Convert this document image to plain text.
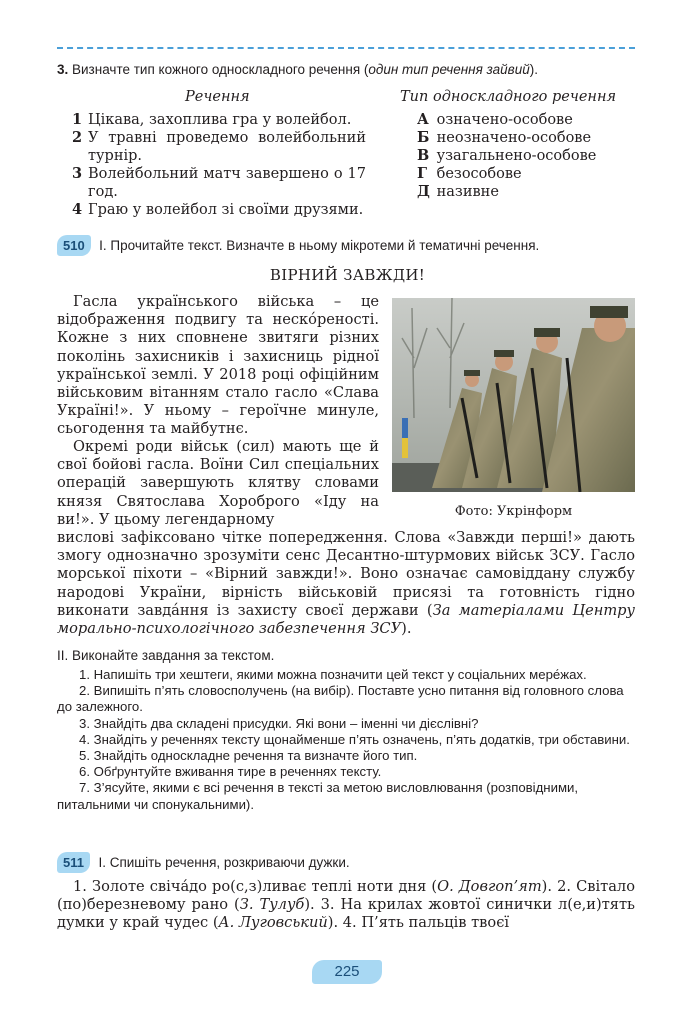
3. Визначте тип кожного односкладного речення (один тип речення зайвий).
Речення	Тип односкладного речення
1 Цікава, захоплива гра у волейбол.
2 У травні проведемо волейбольний турнір.
3 Волейбольний матч завершено о 17 год.
4 Граю у волейбол зі своїми друзями.
А означено-особове
Б неозначено-особове
В узагальнено-особове
Г безособове
Д називне
510 І. Прочитайте текст. Визначте в ньому мікротеми й тематичні речення.
ВІРНИЙ ЗАВЖДИ!
Гасла українського війська – це відображення подвигу та нескóреності. Кожне з них сповнене звитяги різних поколінь захисників і захисниць рідної української землі. У 2018 році офіційним військовим вітанням стало гасло «Слава Україні!». У ньому – героїчне минуле, сьогодення та майбутнє.
Окремі роди військ (сил) мають ще й свої бойові гасла. Воїни Сил спеціальних операцій завершують клятву словами князя Святослава Хороброго «Іду на ви!». У цьому легендарному
вислові зафіксовано чітке попередження. Слова «Завжди перші!» дають змогу однозначно зрозуміти сенс Десантно-штурмових військ ЗСУ. Гасло морської піхоти – «Вірний завжди!». Воно означає самовіддану службу народові України, вірність військовій присязі та готовність гідно виконати завдáння із захисту своєї держави (За матеріалами Центру морально-психологічного забезпечення ЗСУ).
Фото: Укрінформ
ІІ. Виконайте завдання за текстом.

1. Напишіть три хештеги, якими можна позначити цей текст у соціальних мере́жах.

2. Випишіть п’ять словосполучень (на вибір). Поставте усно питання від головного слова до залежного.

3. Знайдіть два складені присудки. Які вони – іменні чи дієслівні?

4. Знайдіть у реченнях тексту щонайменше п’ять означень, п’ять додатків, три обставини.

5. Знайдіть односкладне речення та визначте його тип.

6. Обґрунтуйте вживання тире в реченнях тексту.

7. З’ясуйте, якими є всі речення в тексті за метою висловлювання (розповідними, питальними чи спонукальними).

511 І. Спишіть речення, розкриваючи дужки.
1. Золоте свіча́до ро(с,з)ливає теплі ноти дня (О. Довгоп’ят). 2. Світало (по)березневому рано (З. Тулуб). 3. На крилах жовтої синички л(е,и)тять думки у край чудес (А. Луговський). 4. П’ять пальців твоєї
225
